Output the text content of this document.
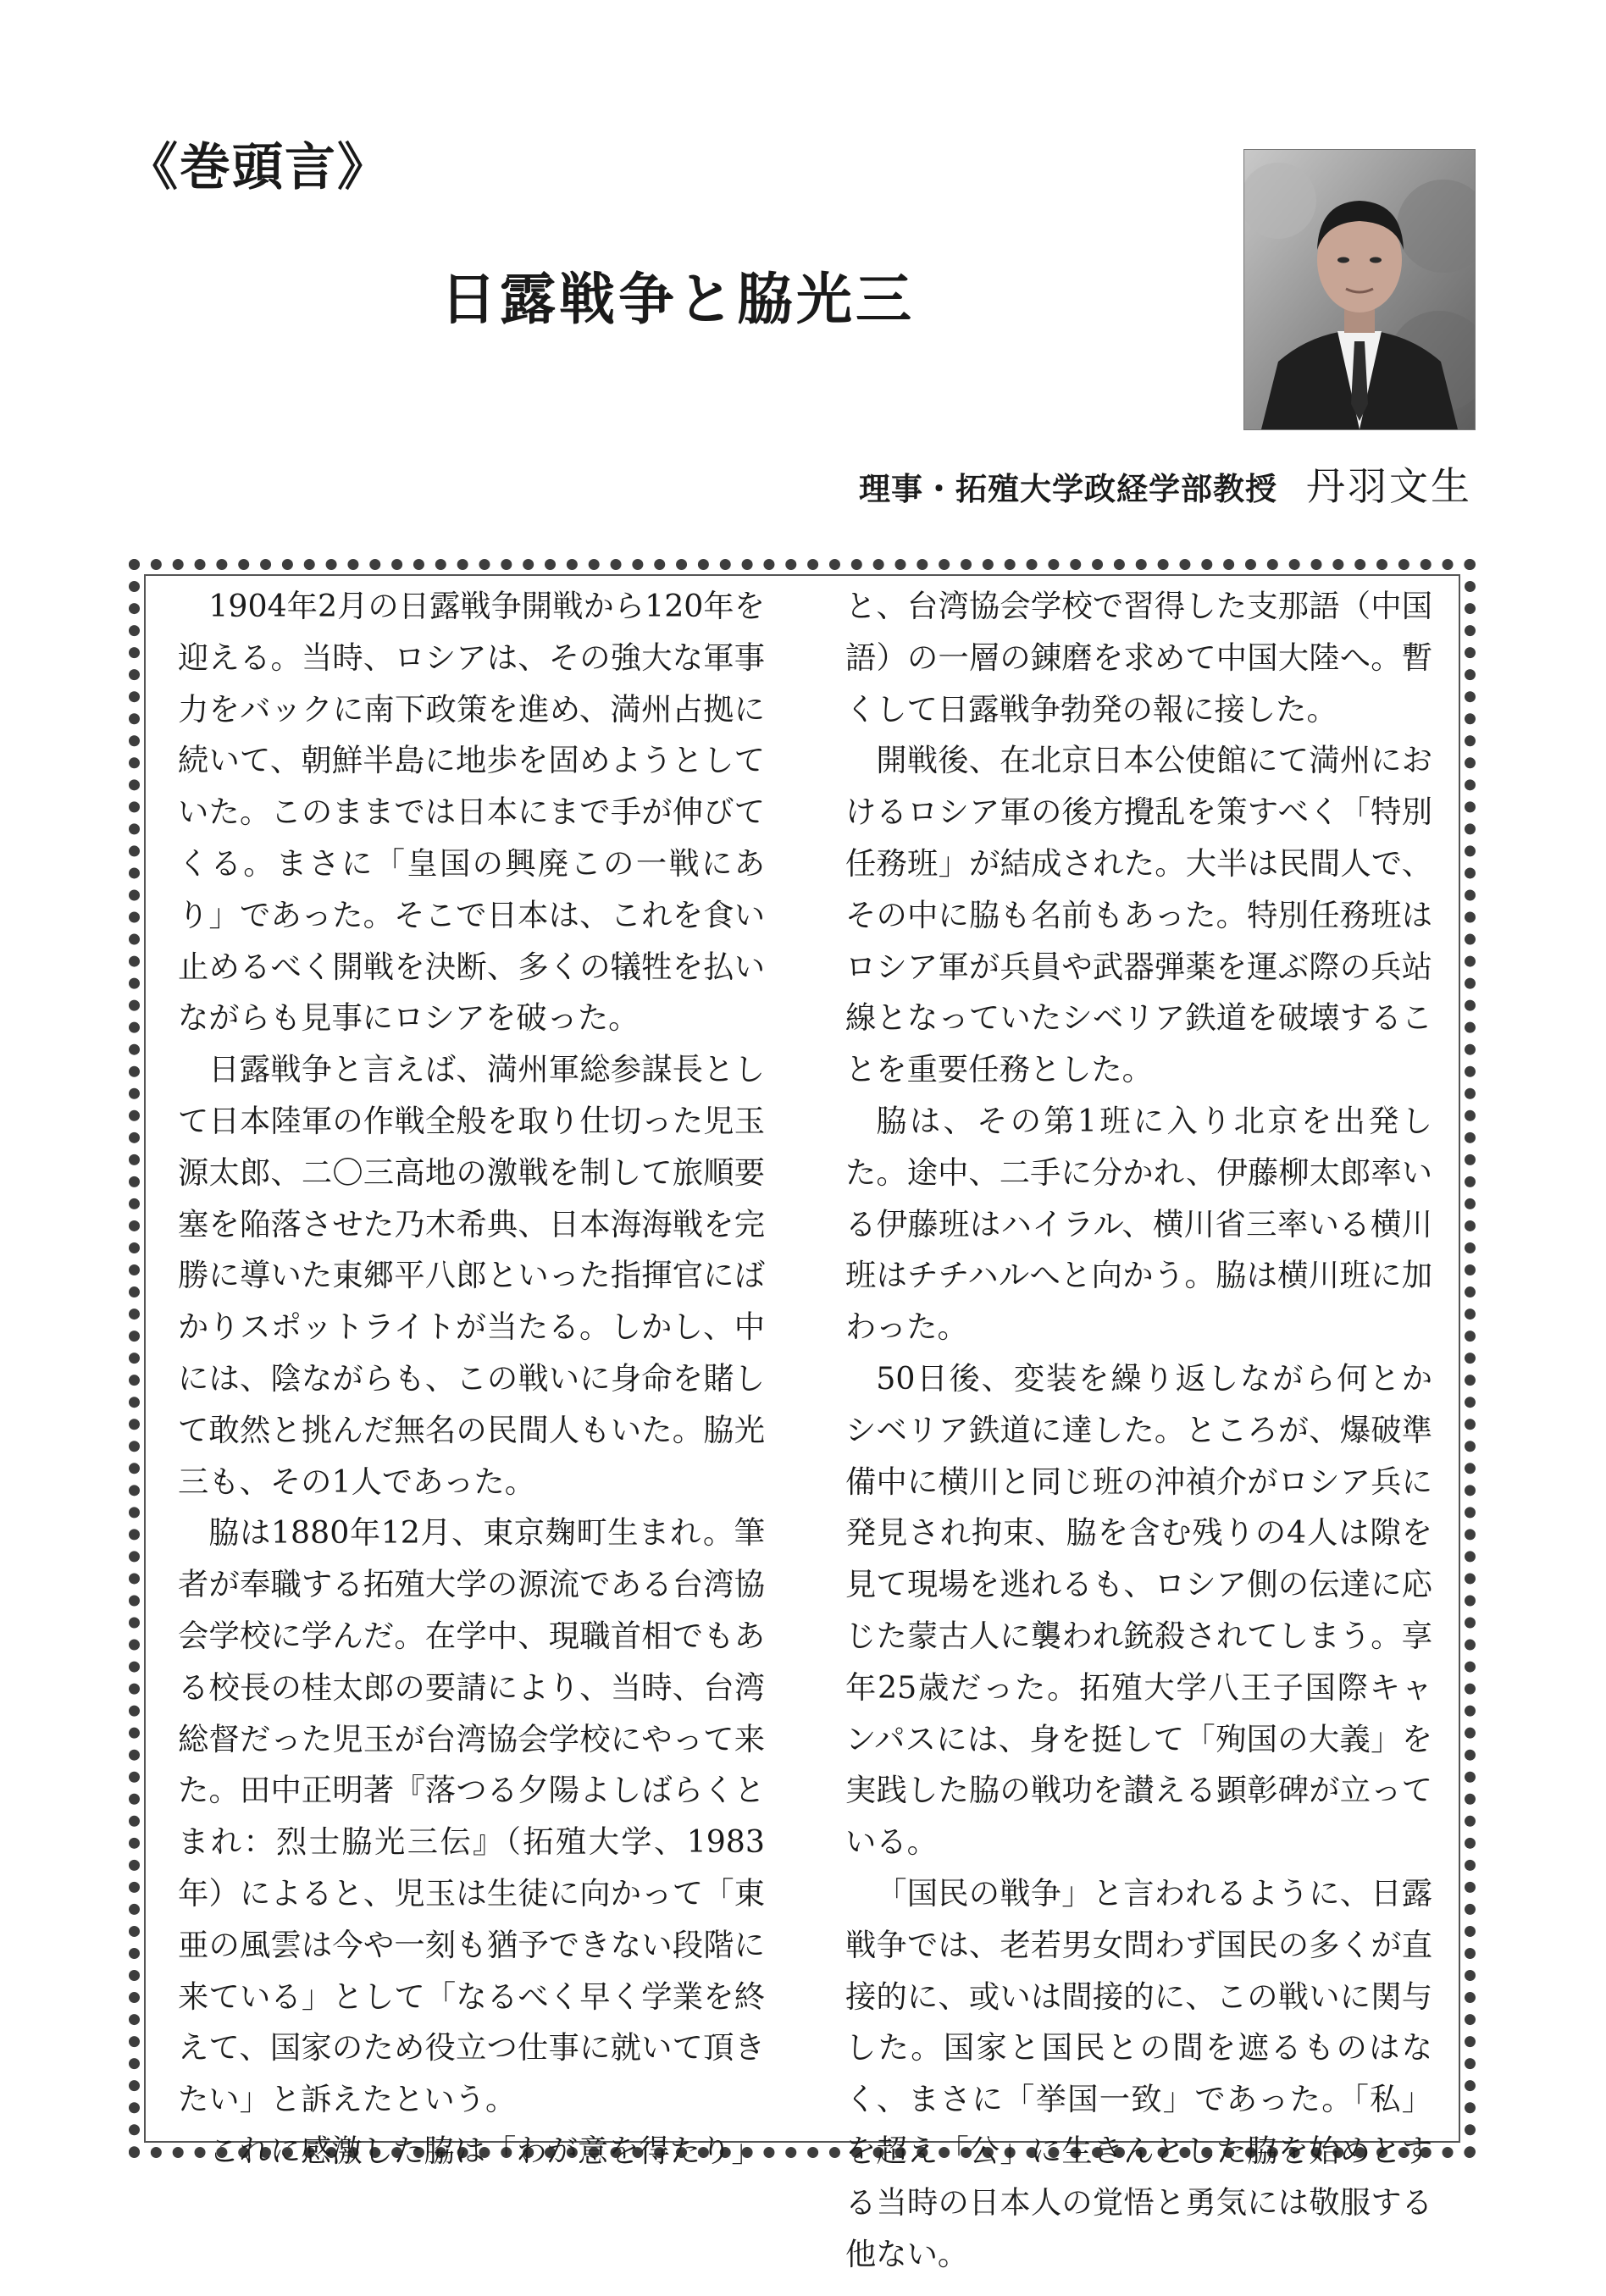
《巻頭言》
日露戦争と脇光三
理事・拓殖大学政経学部教授 丹羽文生

1904年2月の日露戦争開戦から120年を迎える。当時、ロシアは、その強大な軍事力をバックに南下政策を進め、満州占拠に続いて、朝鮮半島に地歩を固めようとしていた。このままでは日本にまで手が伸びてくる。まさに「皇国の興廃この一戦にあり」であった。そこで日本は、これを食い止めるべく開戦を決断、多くの犠牲を払いながらも見事にロシアを破った。

日露戦争と言えば、満州軍総参謀長として日本陸軍の作戦全般を取り仕切った児玉源太郎、二〇三高地の激戦を制して旅順要塞を陥落させた乃木希典、日本海海戦を完勝に導いた東郷平八郎といった指揮官にばかりスポットライトが当たる。しかし、中には、陰ながらも、この戦いに身命を賭して敢然と挑んだ無名の民間人もいた。脇光三も、その1人であった。

脇は1880年12月、東京麹町生まれ。筆者が奉職する拓殖大学の源流である台湾協会学校に学んだ。在学中、現職首相でもある校長の桂太郎の要請により、当時、台湾総督だった児玉が台湾協会学校にやって来た。田中正明著『落つる夕陽よしばらくとまれ：烈士脇光三伝』（拓殖大学、1983年）によると、児玉は生徒に向かって「東亜の風雲は今や一刻も猶予できない段階に来ている」として「なるべく早く学業を終えて、国家のため役立つ仕事に就いて頂きたい」と訴えたという。

これに感激した脇は「わが意を得たり」

と、台湾協会学校で習得した支那語（中国語）の一層の錬磨を求めて中国大陸へ。暫くして日露戦争勃発の報に接した。

開戦後、在北京日本公使館にて満州におけるロシア軍の後方攪乱を策すべく「特別任務班」が結成された。大半は民間人で、その中に脇も名前もあった。特別任務班はロシア軍が兵員や武器弾薬を運ぶ際の兵站線となっていたシベリア鉄道を破壊することを重要任務とした。

脇は、その第1班に入り北京を出発した。途中、二手に分かれ、伊藤柳太郎率いる伊藤班はハイラル、横川省三率いる横川班はチチハルへと向かう。脇は横川班に加わった。

50日後、変装を繰り返しながら何とかシベリア鉄道に達した。ところが、爆破準備中に横川と同じ班の沖禎介がロシア兵に発見され拘束、脇を含む残りの4人は隙を見て現場を逃れるも、ロシア側の伝達に応じた蒙古人に襲われ銃殺されてしまう。享年25歳だった。拓殖大学八王子国際キャンパスには、身を挺して「殉国の大義」を実践した脇の戦功を讃える顕彰碑が立っている。

「国民の戦争」と言われるように、日露戦争では、老若男女問わず国民の多くが直接的に、或いは間接的に、この戦いに関与した。国家と国民との間を遮るものはなく、まさに「挙国一致」であった。「私」を超え「公」に生きんとした脇を始めとする当時の日本人の覚悟と勇気には敬服する他ない。
